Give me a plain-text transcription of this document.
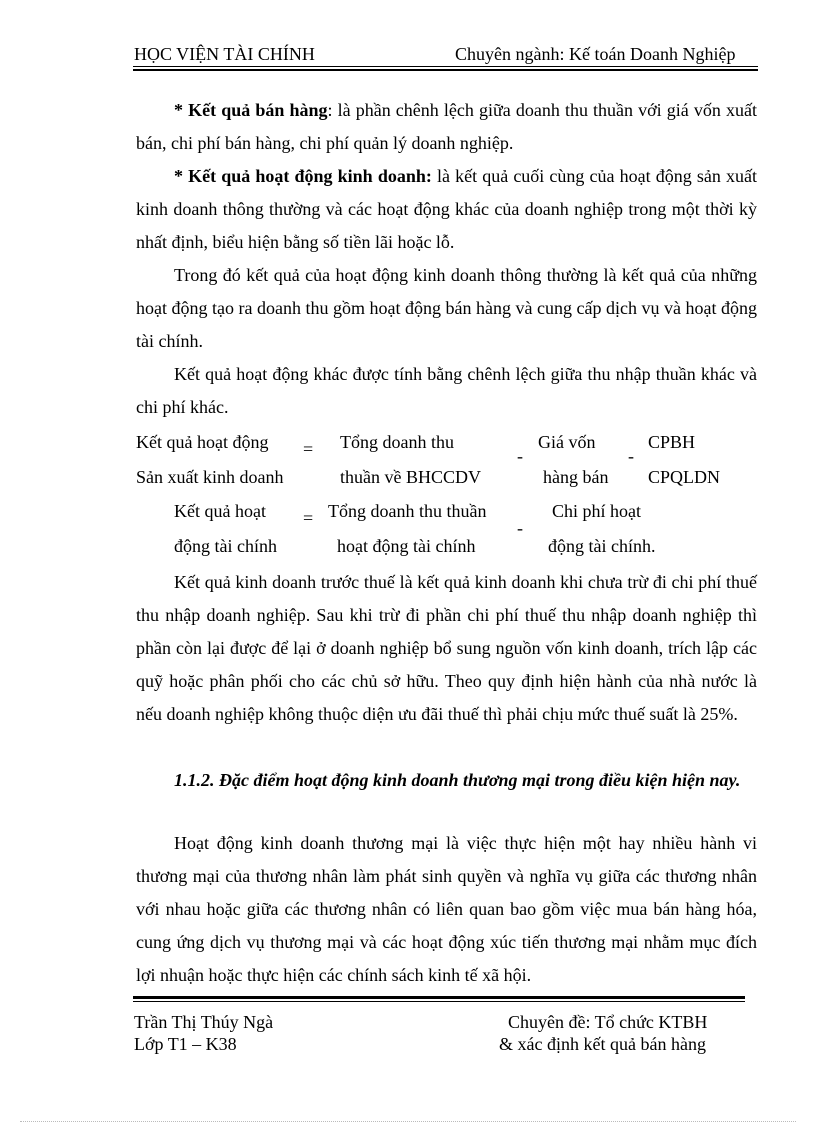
HỌC VIỆN TÀI CHÍNH	Chuyên ngành: Kế toán Doanh Nghiệp
* Kết quả bán hàng: là phần chênh lệch giữa doanh thu thuần với giá vốn xuất bán, chi phí bán hàng, chi phí quản lý doanh nghiệp.
* Kết quả hoạt động kinh doanh: là kết quả cuối cùng của hoạt động sản xuất kinh doanh thông thường và các hoạt động khác của doanh nghiệp trong một thời kỳ nhất định, biểu hiện bằng số tiền lãi hoặc lỗ.
Trong đó kết quả của hoạt động kinh doanh thông thường là kết quả của những hoạt động tạo ra doanh thu gồm hoạt động bán hàng và cung cấp dịch vụ và hoạt động tài chính.
Kết quả hoạt động khác được tính bằng chênh lệch giữa thu nhập thuần khác và chi phí khác.
Kết quả hoạt động
Sản xuất kinh doanh
= Tổng doanh thu
thuần về BHCCDV
-
Giá vốn
hàng bán
-
CPBH
CPQLDN
Kết quả hoạt
động tài chính
= Tổng doanh thu thuần
hoạt động tài chính
-
Chi phí hoạt
động tài chính.
Kết quả kinh doanh trước thuế là kết quả kinh doanh khi chưa trừ đi chi phí thuế thu nhập doanh nghiệp. Sau khi trừ đi phần chi phí thuế thu nhập doanh nghiệp thì phần còn lại được để lại ở doanh nghiệp bổ sung nguồn vốn kinh doanh, trích lập các quỹ hoặc phân phối cho các chủ sở hữu. Theo quy định hiện hành của nhà nước là nếu doanh nghiệp không thuộc diện ưu đãi thuế thì phải chịu mức thuế suất là 25%.
1.1.2. Đặc điểm hoạt động kinh doanh thương mại trong điều kiện hiện nay.
Hoạt động kinh doanh thương mại là việc thực hiện một hay nhiều hành vi thương mại của thương nhân làm phát sinh quyền và nghĩa vụ giữa các thương nhân với nhau hoặc giữa các thương nhân có liên quan bao gồm việc mua bán hàng hóa, cung ứng dịch vụ thương mại và các hoạt động xúc tiến thương mại nhằm mục đích lợi nhuận hoặc thực hiện các chính sách kinh tế xã hội.
Trần Thị Thúy Ngà
Lớp T1 – K38
Chuyên đề: Tổ chức KTBH
& xác định kết quả bán hàng
